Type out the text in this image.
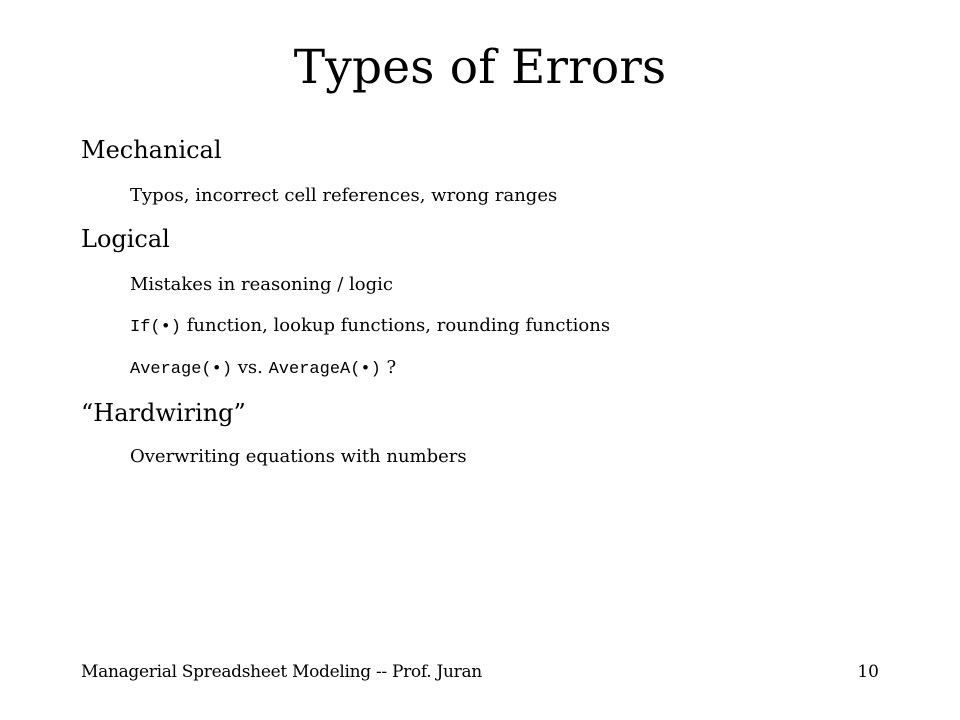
Types of Errors
Mechanical
Typos, incorrect cell references, wrong ranges
Logical
Mistakes in reasoning / logic
If(•) function, lookup functions, rounding functions
Average(•) vs. AverageA(•) ?
“Hardwiring”
Overwriting equations with numbers
Managerial Spreadsheet Modeling -- Prof. Juran	10
